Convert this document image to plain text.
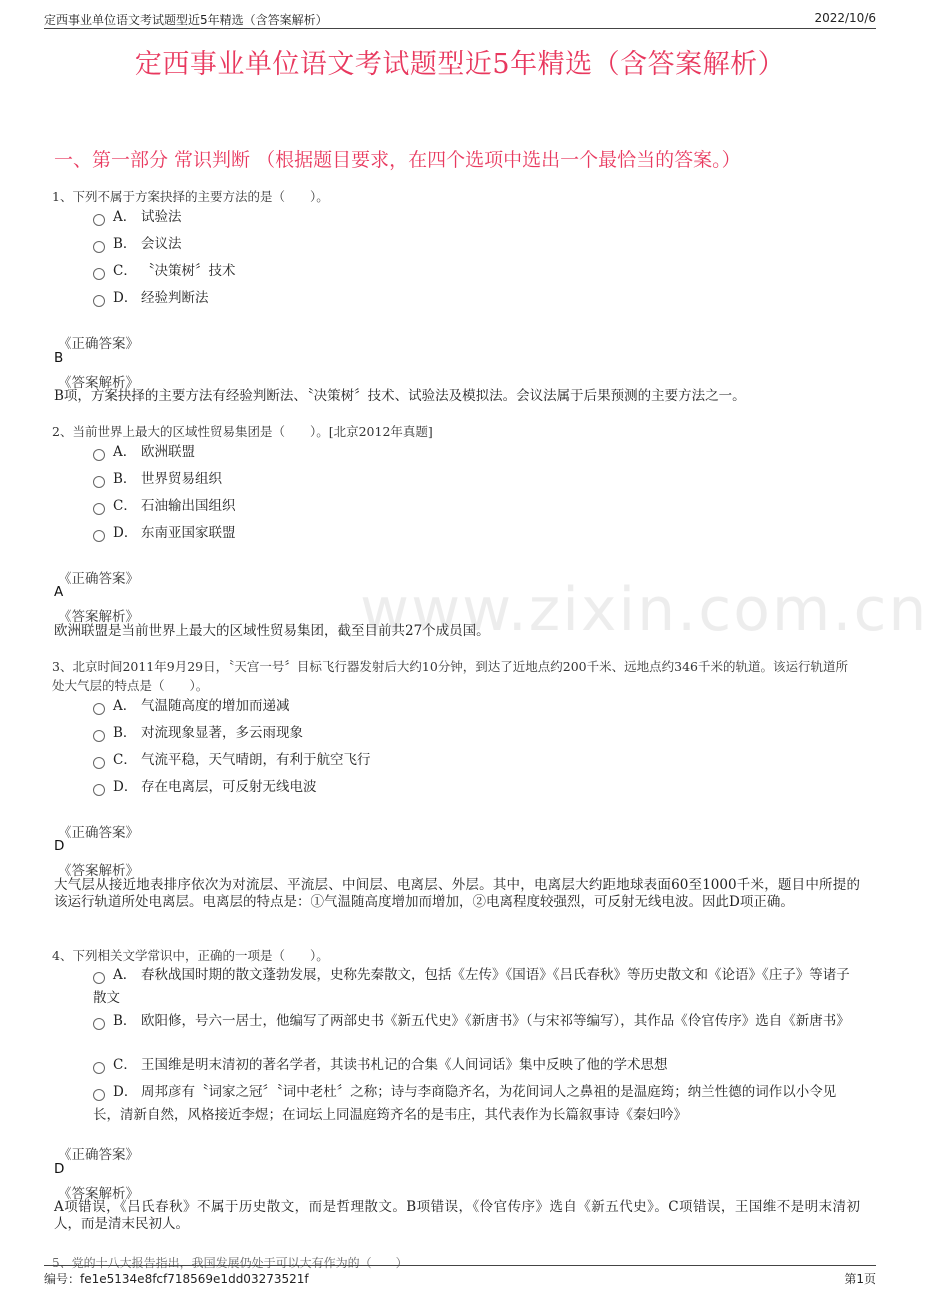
定西事业单位语文考试题型近5年精选（含答案解析）	2022/10/6
定西事业单位语文考试题型近5年精选（含答案解析）
一、第一部分 常识判断 （根据题目要求，在四个选项中选出一个最恰当的答案。）
www.zixin.com.cn
1、下列不属于方案抉择的主要方法的是（　　）。
A． 试验法
B． 会议法
C． 〝决策树〞技术
D． 经验判断法
《正确答案》
B
《答案解析》
B项，方案抉择的主要方法有经验判断法、〝决策树〞技术、试验法及模拟法。会议法属于后果预测的主要方法之一。
2、当前世界上最大的区域性贸易集团是（　　）。[北京2012年真题]
A． 欧洲联盟
B． 世界贸易组织
C． 石油输出国组织
D． 东南亚国家联盟
《正确答案》
A
《答案解析》
欧洲联盟是当前世界上最大的区域性贸易集团，截至目前共27个成员国。
3、北京时间2011年9月29日，〝天宫一号〞目标飞行器发射后大约10分钟，到达了近地点约200千米、远地点约346千米的轨道。该运行轨道所处大气层的特点是（　　）。
A． 气温随高度的增加而递减
B． 对流现象显著，多云雨现象
C． 气流平稳，天气晴朗，有利于航空飞行
D． 存在电离层，可反射无线电波
《正确答案》
D
《答案解析》
大气层从接近地表排序依次为对流层、平流层、中间层、电离层、外层。其中，电离层大约距地球表面60至1000千米，题目中所提的该运行轨道所处电离层。电离层的特点是：①气温随高度增加而增加，②电离程度较强烈，可反射无线电波。因此D项正确。
4、下列相关文学常识中，正确的一项是（　　）。
A． 春秋战国时期的散文蓬勃发展，史称先秦散文，包括《左传》《国语》《吕氏春秋》等历史散文和《论语》《庄子》等诸子散文
B． 欧阳修，号六一居士，他编写了两部史书《新五代史》《新唐书》（与宋祁等编写），其作品《伶官传序》选自《新唐书》
C． 王国维是明末清初的著名学者，其读书札记的合集《人间词话》集中反映了他的学术思想
D． 周邦彦有〝词家之冠〞〝词中老杜〞之称；诗与李商隐齐名，为花间词人之鼻祖的是温庭筠；纳兰性德的词作以小令见长，清新自然，风格接近李煜；在词坛上同温庭筠齐名的是韦庄，其代表作为长篇叙事诗《秦妇吟》
《正确答案》
D
《答案解析》
A项错误，《吕氏春秋》不属于历史散文，而是哲理散文。B项错误，《伶官传序》选自《新五代史》。C项错误，王国维不是明末清初人，而是清末民初人。
5、党的十八大报告指出，我国发展仍处于可以大有作为的（　　）
编号：fe1e5134e8fcf718569e1dd03273521f	第1页
